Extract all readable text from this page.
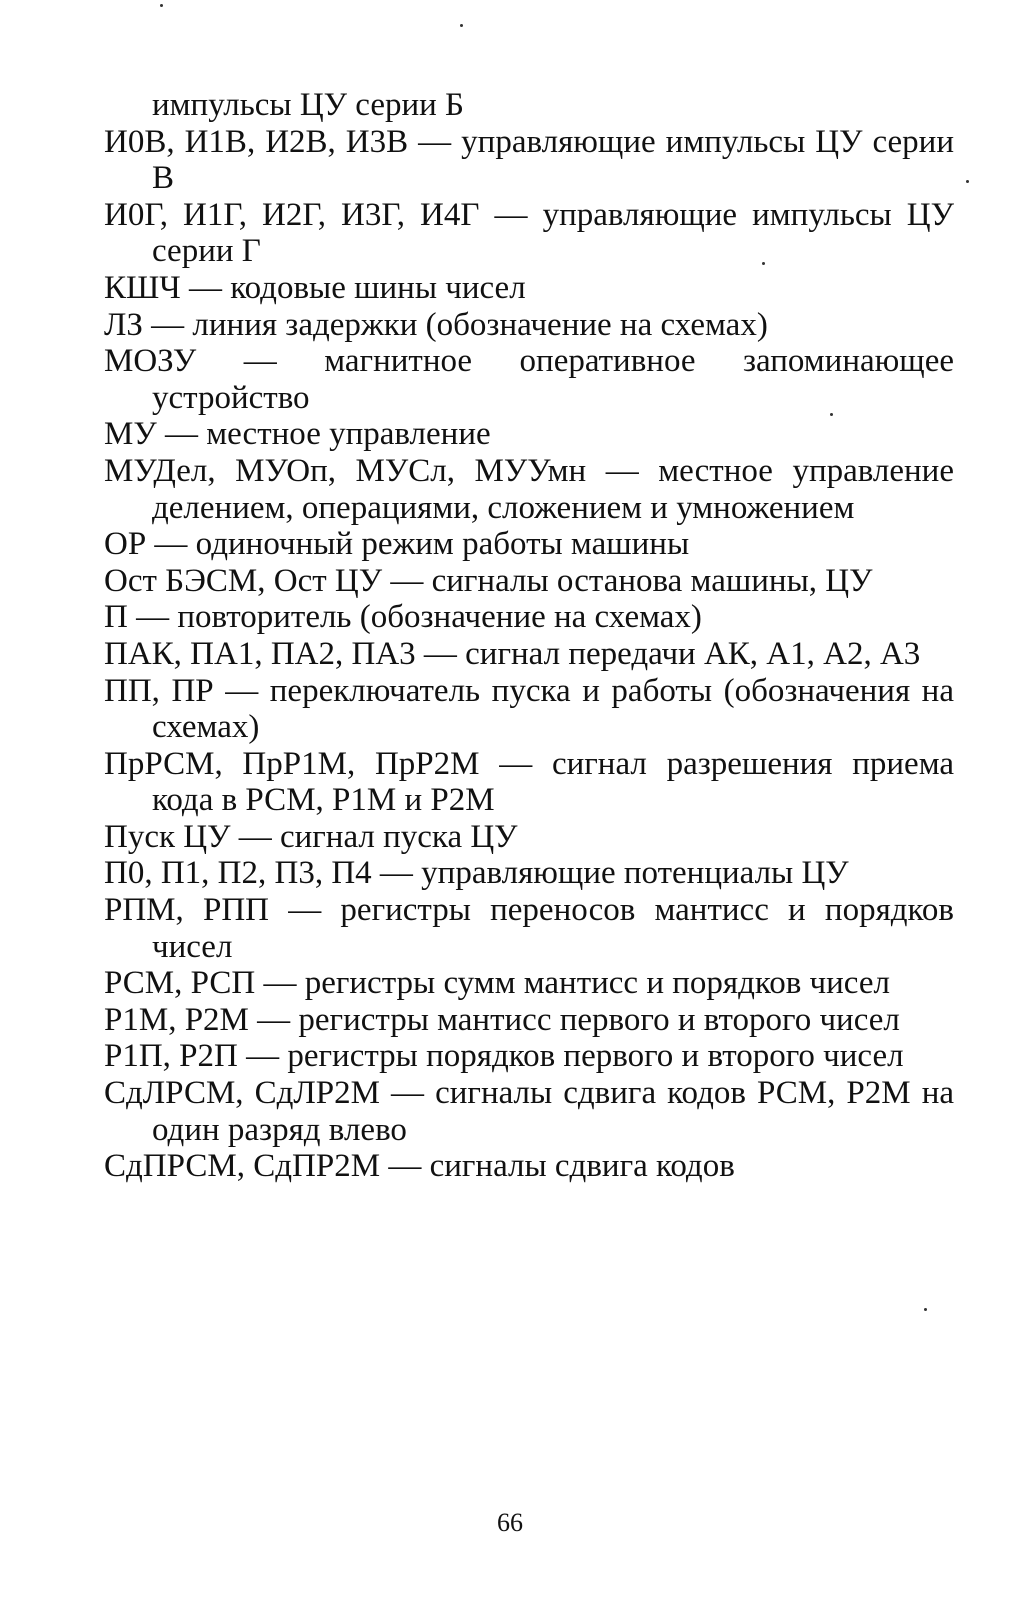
импульсы ЦУ серии Б
И0В, И1В, И2В, И3В — управляющие импульсы ЦУ серии В
И0Г, И1Г, И2Г, И3Г, И4Г — управляющие импульсы ЦУ серии Г
КШЧ — кодовые шины чисел
ЛЗ — линия задержки (обозначение на схемах)
МОЗУ — магнитное оперативное запоминающее устройство
МУ — местное управление
МУДел, МУОп, МУСл, МУУмн — местное управление делением, операциями, сложением и умножением
ОР — одиночный режим работы машины
Ост БЭСМ, Ост ЦУ — сигналы останова машины, ЦУ
П — повторитель (обозначение на схемах)
ПАК, ПА1, ПА2, ПА3 — сигнал передачи АК, А1, А2, А3
ПП, ПР — переключатель пуска и работы (обозначения на схемах)
ПрРСМ, ПрР1М, ПрР2М — сигнал разрешения приема кода в РСМ, Р1М и Р2М
Пуск ЦУ — сигнал пуска ЦУ
П0, П1, П2, П3, П4 — управляющие потенциалы ЦУ
РПМ, РПП — регистры переносов мантисс и порядков чисел
РСМ, РСП — регистры сумм мантисс и порядков чисел
Р1М, Р2М — регистры мантисс первого и второго чисел
Р1П, Р2П — регистры порядков первого и второго чисел
СдЛРСМ, СдЛР2М — сигналы сдвига кодов РСМ, Р2М на один разряд влево
СдПРСМ, СдПР2М — сигналы сдвига кодов
66
